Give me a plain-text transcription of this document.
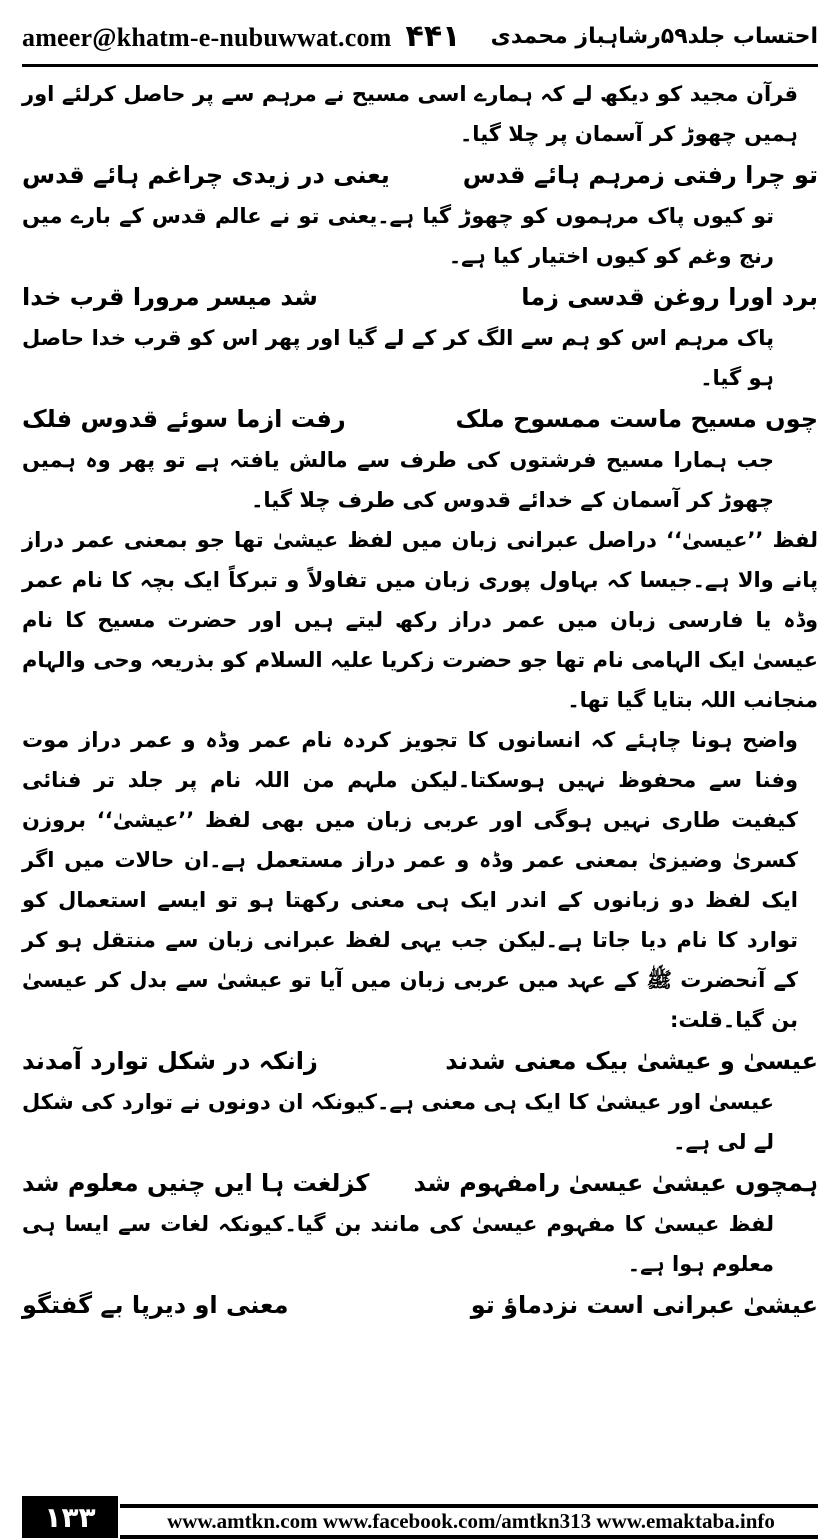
ameer@khatm-e-nubuwwat.com ۴۴۱ احتساب جلد۵۹رشاہباز محمدی

قرآن مجید کو دیکھ لے کہ ہمارے اسی مسیح نے مرہم سے پر حاصل کرلئے اور ہمیں چھوڑ کر آسمان پر چلا گیا۔

تو چرا رفتی زمرہم ہائے قدس
یعنی در زیدی چراغم ہائے قدس

تو کیوں پاک مرہموں کو چھوڑ گیا ہے۔یعنی تو نے عالم قدس کے بارے میں رنج وغم کو کیوں اختیار کیا ہے۔

برد اورا روغن قدسی زما
شد میسر مرورا قرب خدا

پاک مرہم اس کو ہم سے الگ کر کے لے گیا اور پھر اس کو قرب خدا حاصل ہو گیا۔

چوں مسیح ماست ممسوح ملک
رفت ازما سوئے قدوس فلک

جب ہمارا مسیح فرشتوں کی طرف سے مالش یافتہ ہے تو پھر وہ ہمیں چھوڑ کر آسمان کے خدائے قدوس کی طرف چلا گیا۔

لفظ ’’عیسیٰ‘‘ دراصل عبرانی زبان میں لفظ عیشیٰ تھا جو بمعنی عمر دراز پانے والا ہے۔جیسا کہ بہاول پوری زبان میں تفاولاً و تبرکاً ایک بچہ کا نام عمر وڈہ یا فارسی زبان میں عمر دراز رکھ لیتے ہیں اور حضرت مسیح کا نام عیسیٰ ایک الہامی نام تھا جو حضرت زکریا علیہ السلام کو بذریعہ وحی والہام منجانب اللہ بتایا گیا تھا۔

واضح ہونا چاہئے کہ انسانوں کا تجویز کردہ نام عمر وڈہ و عمر دراز موت وفنا سے محفوظ نہیں ہوسکتا۔لیکن ملہم من اللہ نام پر جلد تر فنائی کیفیت طاری نہیں ہوگی اور عربی زبان میں بھی لفظ ’’عیشیٰ‘‘ بروزن کسریٰ وضیزیٰ بمعنی عمر وڈہ و عمر دراز مستعمل ہے۔ان حالات میں اگر ایک لفظ دو زبانوں کے اندر ایک ہی معنی رکھتا ہو تو ایسے استعمال کو توارد کا نام دیا جاتا ہے۔لیکن جب یہی لفظ عبرانی زبان سے منتقل ہو کر کے آنحضرت ﷺ کے عہد میں عربی زبان میں آیا تو عیشیٰ سے بدل کر عیسیٰ بن گیا۔قلت:

عیسیٰ و عیشیٰ بیک معنی شدند
زانکہ در شکل توارد آمدند

عیسیٰ اور عیشیٰ کا ایک ہی معنی ہے۔کیونکہ ان دونوں نے توارد کی شکل لے لی ہے۔

ہمچوں عیشیٰ عیسیٰ رامفہوم شد
کزلغت ہا ایں چنیں معلوم شد

لفظ عیسیٰ کا مفہوم عیسیٰ کی مانند بن گیا۔کیونکہ لغات سے ایسا ہی معلوم ہوا ہے۔

عیشیٰ عبرانی است نزدماؤ تو
معنی او دیرپا بے گفتگو
۱۳۳	www.amtkn.com www.facebook.com/amtkn313 www.emaktaba.info
